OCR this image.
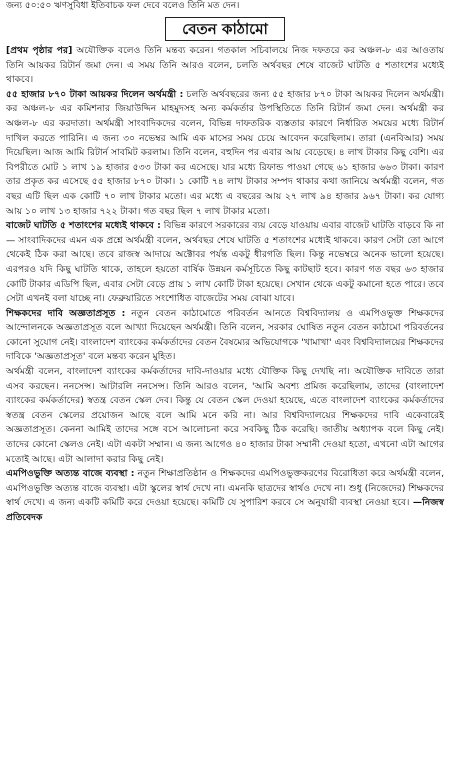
জন্য ৫০:৫০ ঋণসুবিধা ইতিবাচক ফল দেবে বলেও তিনি মত দেন।
বেতন কাঠামো

[প্রথম পৃষ্ঠার পর] অযৌক্তিক বলেও তিনি মন্তব্য করেন। গতকাল সচিবালয়ে নিজ দফতরে কর অঞ্চল-৮ এর আওতায় তিনি আয়কর রিটার্ন জমা দেন। এ সময় তিনি আরও বলেন, চলতি অর্থবছর শেষে বাজেট ঘাটতি ৫ শতাংশের মধ্যেই থাকবে।

৫৫ হাজার ৮৭০ টাকা আয়কর দিলেন অর্থমন্ত্রী : চলতি অর্থবছরের জন্য ৫৫ হাজার ৮৭০ টাকা আয়কর দিলেন অর্থমন্ত্রী। কর অঞ্চল-৮ এর কমিশনার জিয়াউদ্দিন মাহমুদসহ অন্য কর্মকর্তার উপস্থিতিতে তিনি রিটার্ন জমা দেন। অর্থমন্ত্রী কর অঞ্চল-৮ এর করদাতা। অর্থমন্ত্রী সাংবাদিকদের বলেন, বিভিন্ন দাফতরিক ব্যস্ততার কারণে নির্ধারিত সময়ের মধ্যে রিটার্ন দাখিল করতে পারিনি। এ জন্য ৩০ নভেম্বর আমি এক মাসের সময় চেয়ে আবেদন করেছিলাম। তারা (এনবিআর) সময় দিয়েছিল। আজ আমি রিটার্ন সাবমিট করলাম। তিনি বলেন, বহুদিন পর এবার আয় বেড়েছে। ৪ লাখ টাকার কিছু বেশি। এর বিপরীতে মোট ১ লাখ ১৯ হাজার ৫৩৩ টাকা কর এসেছে। যার মধ্যে রিফান্ড পাওয়া গেছে ৬১ হাজার ৬৬৩ টাকা। কারণ তার প্রকৃত কর এসেছে ৫৫ হাজার ৮৭০ টাকা। ১ কোটি ৭৪ লাখ টাকার সম্পদ থাকার কথা জানিয়ে অর্থমন্ত্রী বলেন, গত বছর এটি ছিল এক কোটি ৭০ লাখ টাকার মতো। এর মধ্যে এ বছরের আয় ২৭ লাখ ৯৪ হাজার ৯৬৭ টাকা। কর যোগ্য আয় ১০ লাখ ১৩ হাজার ৭২২ টাকা। গত বছর ছিল ৭ লাখ টাকার মতো।

বাজেট ঘাটতি ৫ শতাংশের মধ্যেই থাকবে : বিভিন্ন কারণে সরকারের ব্যয় বেড়ে যাওয়ায় এবার বাজেট ঘাটতি বাড়বে কি না— সাংবাদিকদের এমন এক প্রশ্নে অর্থমন্ত্রী বলেন, অর্থবছর শেষে ঘাটতি ৫ শতাংশের মধ্যেই থাকবে। কারণ সেটা তো আগে থেকেই ঠিক করা আছে। তবে রাজস্ব আদায়ে অক্টোবর পর্যন্ত একটু ধীরগতি ছিল। কিন্তু নভেম্বরে অনেক ভালো হয়েছে। এরপরও যদি কিছু ঘাটতি থাকে, তাহলে হয়তো বার্ষিক উন্নয়ন কর্মসূচিতে কিছু কাটছাট হবে। কারণ গত বছর ৬৩ হাজার কোটি টাকার এডিপি ছিল, এবার সেটা বেড়ে প্রায় ১ লাখ কোটি টাকা হয়েছে। সেখান থেকে একটু কমানো হতে পারে। তবে সেটা এখনই বলা যাচ্ছে না। ফেব্রুয়ারিতে সংশোধিত বাজেটের সময় বোঝা যাবে।

শিক্ষকদের দাবি অজ্ঞতাপ্রসূত : নতুন বেতন কাঠামোতে পরিবর্তন আনতে বিশ্ববিদ্যালয় ও এমপিওভুক্ত শিক্ষকদের আন্দোলনকে অজ্ঞতাপ্রসূত বলে আখ্যা দিয়েছেন অর্থমন্ত্রী। তিনি বলেন, সরকার ঘোষিত নতুন বেতন কাঠামো পরিবর্তনের কোনো সুযোগ নেই। বাংলাদেশ ব্যাংকের কর্মকর্তাদের বেতন বৈষম্যের অভিযোগকে 'খামাখা' এবং বিশ্ববিদ্যালয়ের শিক্ষকদের দাবিকে 'অজ্ঞতাপ্রসূত' বলে মন্তব্য করেন মুহিত।

অর্থমন্ত্রী বলেন, বাংলাদেশ ব্যাংকের কর্মকর্তাদের দাবি-দাওয়ার মধ্যে যৌক্তিক কিছু দেখছি না। অযৌক্তিক দাবিতে তারা এসব করছেন। ননসেন্স। আটারলি ননসেন্স। তিনি আরও বলেন, 'আমি অবশ্য প্রমিজ করেছিলাম, তাদের (বাংলাদেশ ব্যাংকের কর্মকর্তাদের) স্বতন্ত্র বেতন স্কেল দেব। কিন্তু যে বেতন স্কেল দেওয়া হয়েছে, এতে বাংলাদেশ ব্যাংকের কর্মকর্তাদের স্বতন্ত্র বেতন স্কেলের প্রয়োজন আছে বলে আমি মনে করি না। আর বিশ্ববিদ্যালয়ের শিক্ষকদের দাবি একেবারেই অজ্ঞতাপ্রসূত। কেননা আমিই তাদের সঙ্গে বসে আলোচনা করে সবকিছু ঠিক করেছি। জাতীয় অধ্যাপক বলে কিছু নেই। তাদের কোনো স্কেলও নেই। এটা একটা সম্মান। এ জন্য আগেও ৪০ হাজার টাকা সম্মানী দেওয়া হতো, এখনো এটা আগের মতোই আছে। এটা আলাদা করার কিছু নেই।

এমপিওভুক্তি অত্যন্ত বাজে ব্যবস্থা : নতুন শিক্ষাপ্রতিষ্ঠান ও শিক্ষকদের এমপিওভুক্তকরণের বিরোধিতা করে অর্থমন্ত্রী বলেন, এমপিওভুক্তি অত্যন্ত বাজে ব্যবস্থা। এটা স্কুলের স্বার্থ দেখে না। এমনকি ছাত্রদের স্বার্থও দেখে না। শুধু (নিজেদের) শিক্ষকদের স্বার্থ দেখে। এ জন্য একটি কমিটি করে দেওয়া হয়েছে। কমিটি যে সুপারিশ করবে সে অনুযায়ী ব্যবস্থা নেওয়া হবে। —নিজস্ব প্রতিবেদক
